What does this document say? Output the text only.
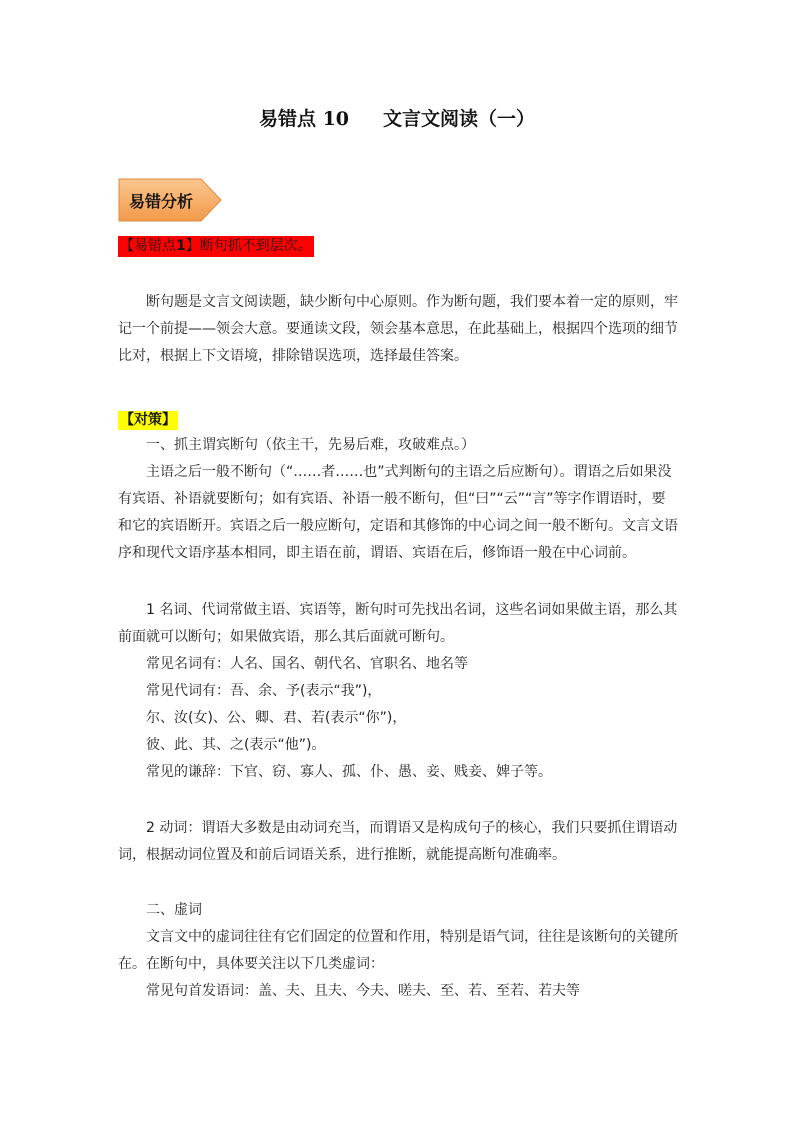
易错点 10 文言文阅读（一）
易错分析
【易错点1】断句抓不到层次。

断句题是文言文阅读题，缺少断句中心原则。作为断句题，我们要本着一定的原则，牢记一个前提——领会大意。要通读文段，领会基本意思，在此基础上，根据四个选项的细节比对，根据上下文语境，排除错误选项，选择最佳答案。

【对策】

一、抓主谓宾断句（依主干，先易后难，攻破难点。）

主语之后一般不断句（“……者……也”式判断句的主语之后应断句）。谓语之后如果没有宾语、补语就要断句；如有宾语、补语一般不断句，但“曰”“云”“言”等字作谓语时，要和它的宾语断开。宾语之后一般应断句，定语和其修饰的中心词之间一般不断句。文言文语序和现代文语序基本相同，即主语在前，谓语、宾语在后，修饰语一般在中心词前。

1 名词、代词常做主语、宾语等，断句时可先找出名词，这些名词如果做主语，那么其前面就可以断句；如果做宾语，那么其后面就可断句。

常见名词有：人名、国名、朝代名、官职名、地名等

常见代词有：吾、余、予(表示“我”)，

尔、汝(女)、公、卿、君、若(表示“你”)，

彼、此、其、之(表示“他”)。

常见的谦辞：下官、窃、寡人、孤、仆、愚、妾、贱妾、婢子等。

2 动词：谓语大多数是由动词充当，而谓语又是构成句子的核心，我们只要抓住谓语动词，根据动词位置及和前后词语关系，进行推断，就能提高断句准确率。

二、虚词

文言文中的虚词往往有它们固定的位置和作用，特别是语气词，往往是该断句的关键所在。在断句中，具体要关注以下几类虚词：

常见句首发语词：盖、夫、且夫、今夫、嗟夫、至、若、至若、若夫等
